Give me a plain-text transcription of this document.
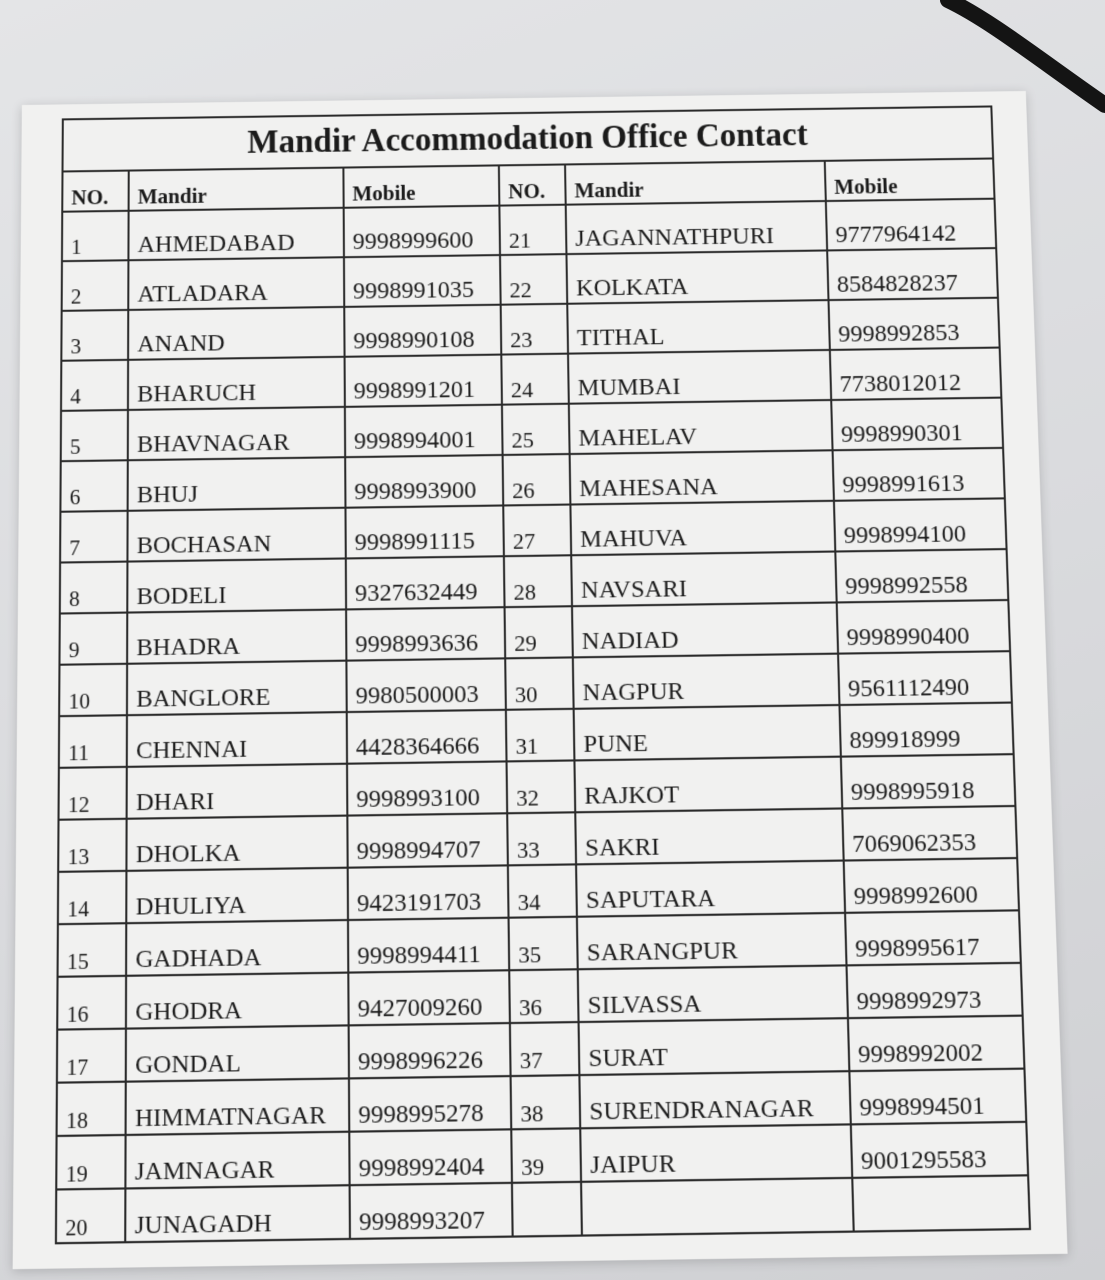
Mandir Accommodation Office Contact					
NO.	Mandir	Mobile	NO.	Mandir	Mobile
1	AHMEDABAD	9998999600	21	JAGANNATHPURI	9777964142
2	ATLADARA	9998991035	22	KOLKATA	8584828237
3	ANAND	9998990108	23	TITHAL	9998992853
4	BHARUCH	9998991201	24	MUMBAI	7738012012
5	BHAVNAGAR	9998994001	25	MAHELAV	9998990301
6	BHUJ	9998993900	26	MAHESANA	9998991613
7	BOCHASAN	9998991115	27	MAHUVA	9998994100
8	BODELI	9327632449	28	NAVSARI	9998992558
9	BHADRA	9998993636	29	NADIAD	9998990400
10	BANGLORE	9980500003	30	NAGPUR	9561112490
11	CHENNAI	4428364666	31	PUNE	899918999
12	DHARI	9998993100	32	RAJKOT	9998995918
13	DHOLKA	9998994707	33	SAKRI	7069062353
14	DHULIYA	9423191703	34	SAPUTARA	9998992600
15	GADHADA	9998994411	35	SARANGPUR	9998995617
16	GHODRA	9427009260	36	SILVASSA	9998992973
17	GONDAL	9998996226	37	SURAT	9998992002
18	HIMMATNAGAR	9998995278	38	SURENDRANAGAR	9998994501
19	JAMNAGAR	9998992404	39	JAIPUR	9001295583
20	JUNAGADH	9998993207			
